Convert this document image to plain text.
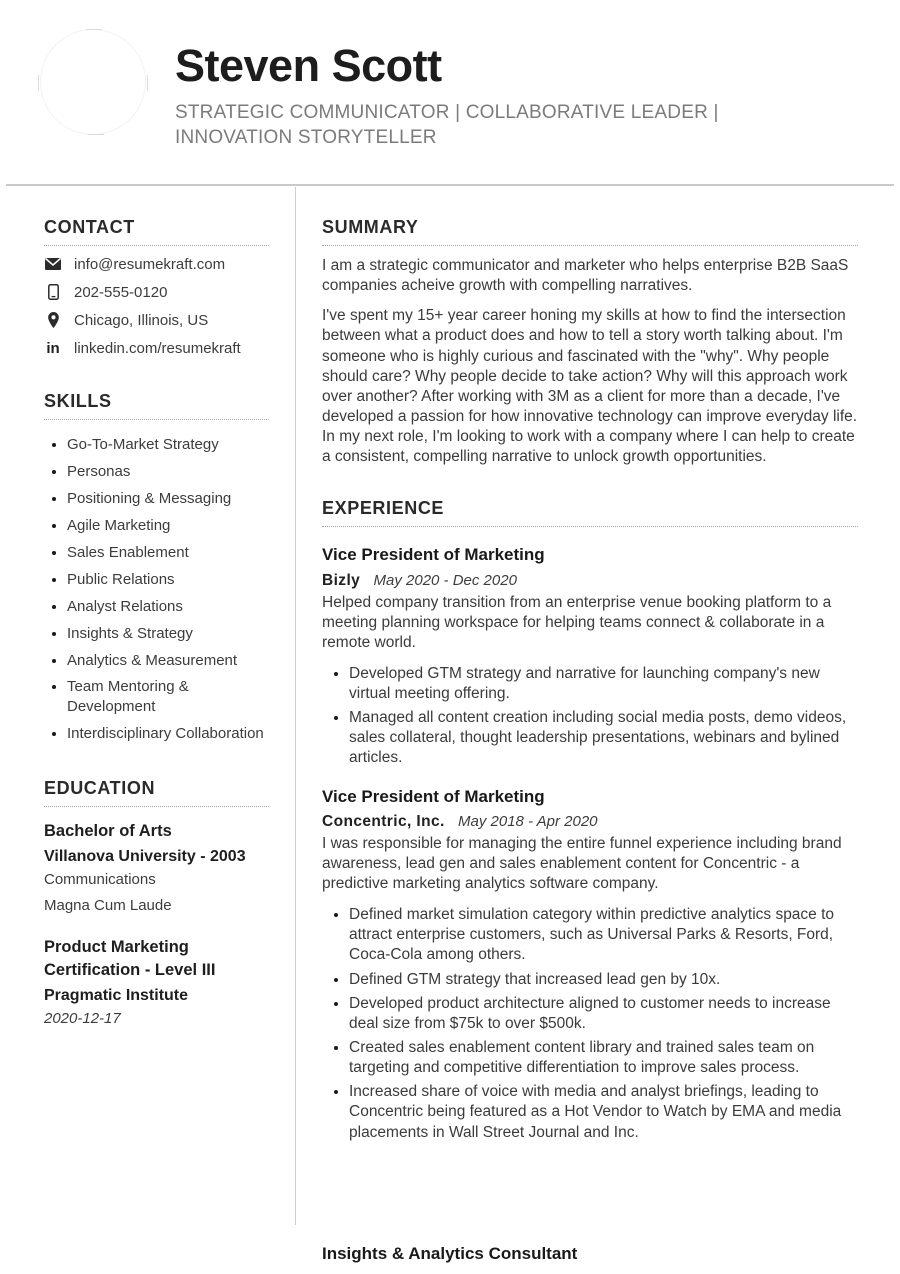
Steven Scott
STRATEGIC COMMUNICATOR | COLLABORATIVE LEADER | INNOVATION STORYTELLER
CONTACT
info@resumekraft.com
202-555-0120
Chicago, Illinois, US
in linkedin.com/resumekraft
SKILLS
• Go-To-Market Strategy
• Personas
• Positioning & Messaging
• Agile Marketing
• Sales Enablement
• Public Relations
• Analyst Relations
• Insights & Strategy
• Analytics & Measurement
• Team Mentoring & Development
• Interdisciplinary Collaboration
EDUCATION
Bachelor of Arts
Villanova University - 2003
Communications
Magna Cum Laude
Product Marketing Certification - Level III
Pragmatic Institute
2020-12-17
SUMMARY

I am a strategic communicator and marketer who helps enterprise B2B SaaS companies acheive growth with compelling narratives.

I've spent my 15+ year career honing my skills at how to find the intersection between what a product does and how to tell a story worth talking about. I'm someone who is highly curious and fascinated with the "why". Why people should care? Why people decide to take action? Why will this approach work over another? After working with 3M as a client for more than a decade, I've developed a passion for how innovative technology can improve everyday life. In my next role, I'm looking to work with a company where I can help to create a consistent, compelling narrative to unlock growth opportunities.

EXPERIENCE
Vice President of Marketing
Bizly May 2020 - Dec 2020
Helped company transition from an enterprise venue booking platform to a meeting planning workspace for helping teams connect & collaborate in a remote world.
• Developed GTM strategy and narrative for launching company's new virtual meeting offering.
• Managed all content creation including social media posts, demo videos, sales collateral, thought leadership presentations, webinars and bylined articles.
Vice President of Marketing
Concentric, Inc. May 2018 - Apr 2020
I was responsible for managing the entire funnel experience including brand awareness, lead gen and sales enablement content for Concentric - a predictive marketing analytics software company.
• Defined market simulation category within predictive analytics space to attract enterprise customers, such as Universal Parks & Resorts, Ford, Coca-Cola among others.
• Defined GTM strategy that increased lead gen by 10x.
• Developed product architecture aligned to customer needs to increase deal size from $75k to over $500k.
• Created sales enablement content library and trained sales team on targeting and competitive differentiation to improve sales process.
• Increased share of voice with media and analyst briefings, leading to Concentric being featured as a Hot Vendor to Watch by EMA and media placements in Wall Street Journal and Inc.
Insights & Analytics Consultant
